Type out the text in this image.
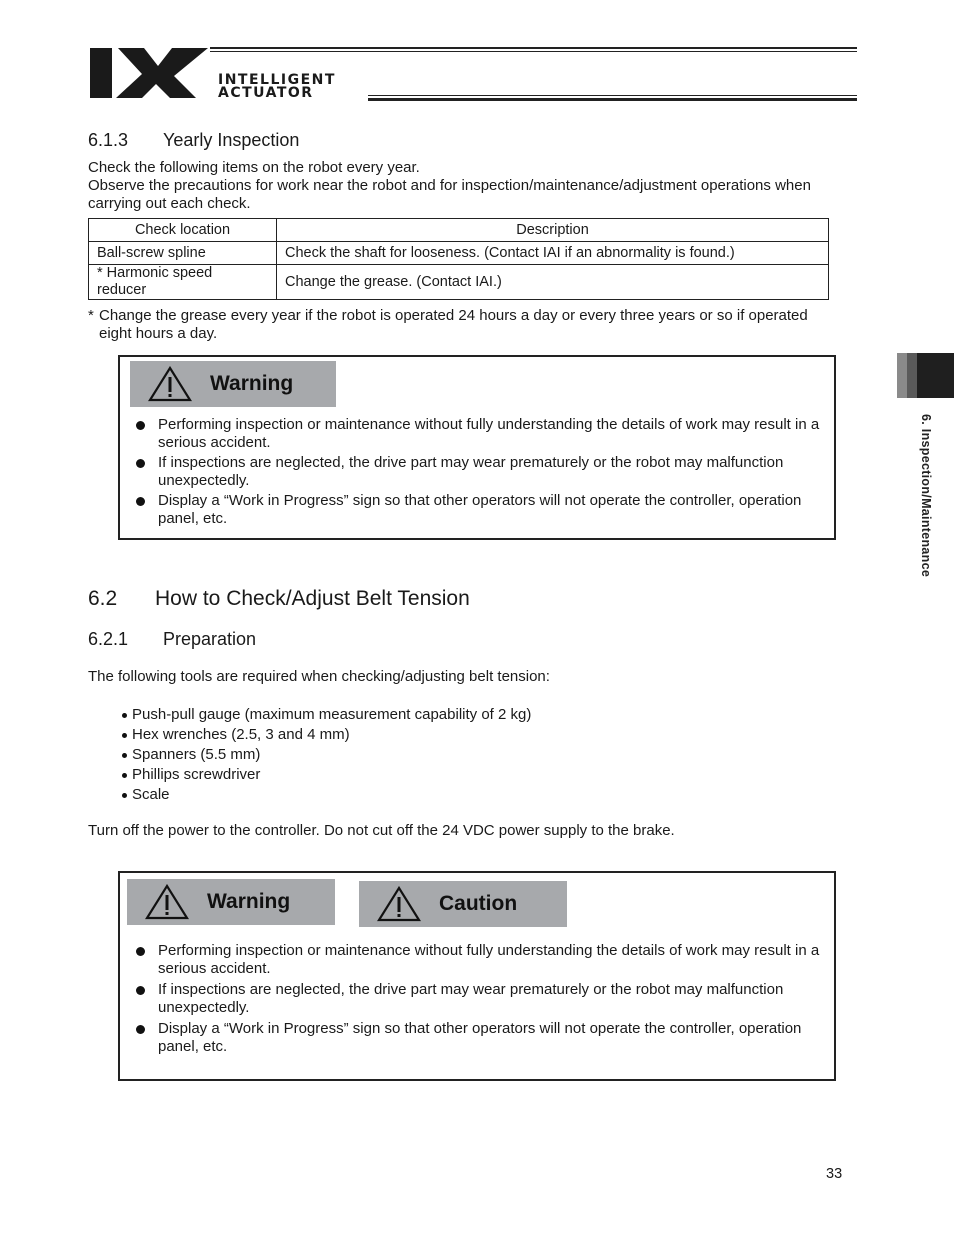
IX
INTELLIGENT
ACTUATOR
6. Inspection/Maintenance
6.1.3 Yearly Inspection
Check the following items on the robot every year.
Observe the precautions for work near the robot and for inspection/maintenance/adjustment operations when carrying out each check.
Check location	Description
Ball-screw spline	Check the shaft for looseness. (Contact IAI if an abnormality is found.)
* Harmonic speed reducer	Change the grease. (Contact IAI.)
* Change the grease every year if the robot is operated 24 hours a day or every three years or so if operated eight hours a day.
Warning
Performing inspection or maintenance without fully understanding the details of work may result in a serious accident.
If inspections are neglected, the drive part may wear prematurely or the robot may malfunction unexpectedly.
Display a “Work in Progress” sign so that other operators will not operate the controller, operation panel, etc.
6.2 How to Check/Adjust Belt Tension
6.2.1 Preparation
The following tools are required when checking/adjusting belt tension:
Push-pull gauge (maximum measurement capability of 2 kg)
Hex wrenches (2.5, 3 and 4 mm)
Spanners (5.5 mm)
Phillips screwdriver
Scale
Turn off the power to the controller. Do not cut off the 24 VDC power supply to the brake.
Warning	Caution
Performing inspection or maintenance without fully understanding the details of work may result in a serious accident.
If inspections are neglected, the drive part may wear prematurely or the robot may malfunction unexpectedly.
Display a “Work in Progress” sign so that other operators will not operate the controller, operation panel, etc.
33
